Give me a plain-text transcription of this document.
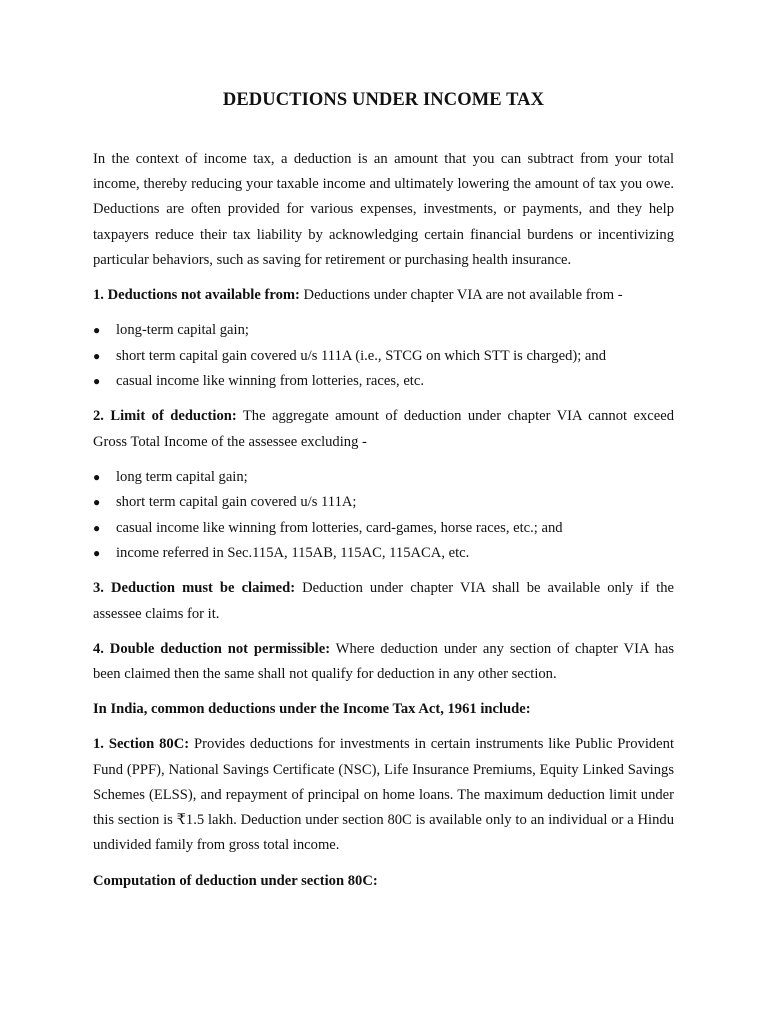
DEDUCTIONS UNDER INCOME TAX

In the context of income tax, a deduction is an amount that you can subtract from your total income, thereby reducing your taxable income and ultimately lowering the amount of tax you owe. Deductions are often provided for various expenses, investments, or payments, and they help taxpayers reduce their tax liability by acknowledging certain financial burdens or incentivizing particular behaviors, such as saving for retirement or purchasing health insurance.

1. Deductions not available from: Deductions under chapter VIA are not available from -

● long-term capital gain;
● short term capital gain covered u/s 111A (i.e., STCG on which STT is charged); and
● casual income like winning from lotteries, races, etc.

2. Limit of deduction: The aggregate amount of deduction under chapter VIA cannot exceed Gross Total Income of the assessee excluding -

● long term capital gain;
● short term capital gain covered u/s 111A;
● casual income like winning from lotteries, card-games, horse races, etc.; and
● income referred in Sec.115A, 115AB, 115AC, 115ACA, etc.

3. Deduction must be claimed: Deduction under chapter VIA shall be available only if the assessee claims for it.

4. Double deduction not permissible: Where deduction under any section of chapter VIA has been claimed then the same shall not qualify for deduction in any other section.

In India, common deductions under the Income Tax Act, 1961 include:

1. Section 80C: Provides deductions for investments in certain instruments like Public Provident Fund (PPF), National Savings Certificate (NSC), Life Insurance Premiums, Equity Linked Savings Schemes (ELSS), and repayment of principal on home loans. The maximum deduction limit under this section is ₹1.5 lakh. Deduction under section 80C is available only to an individual or a Hindu undivided family from gross total income.

Computation of deduction under section 80C:
